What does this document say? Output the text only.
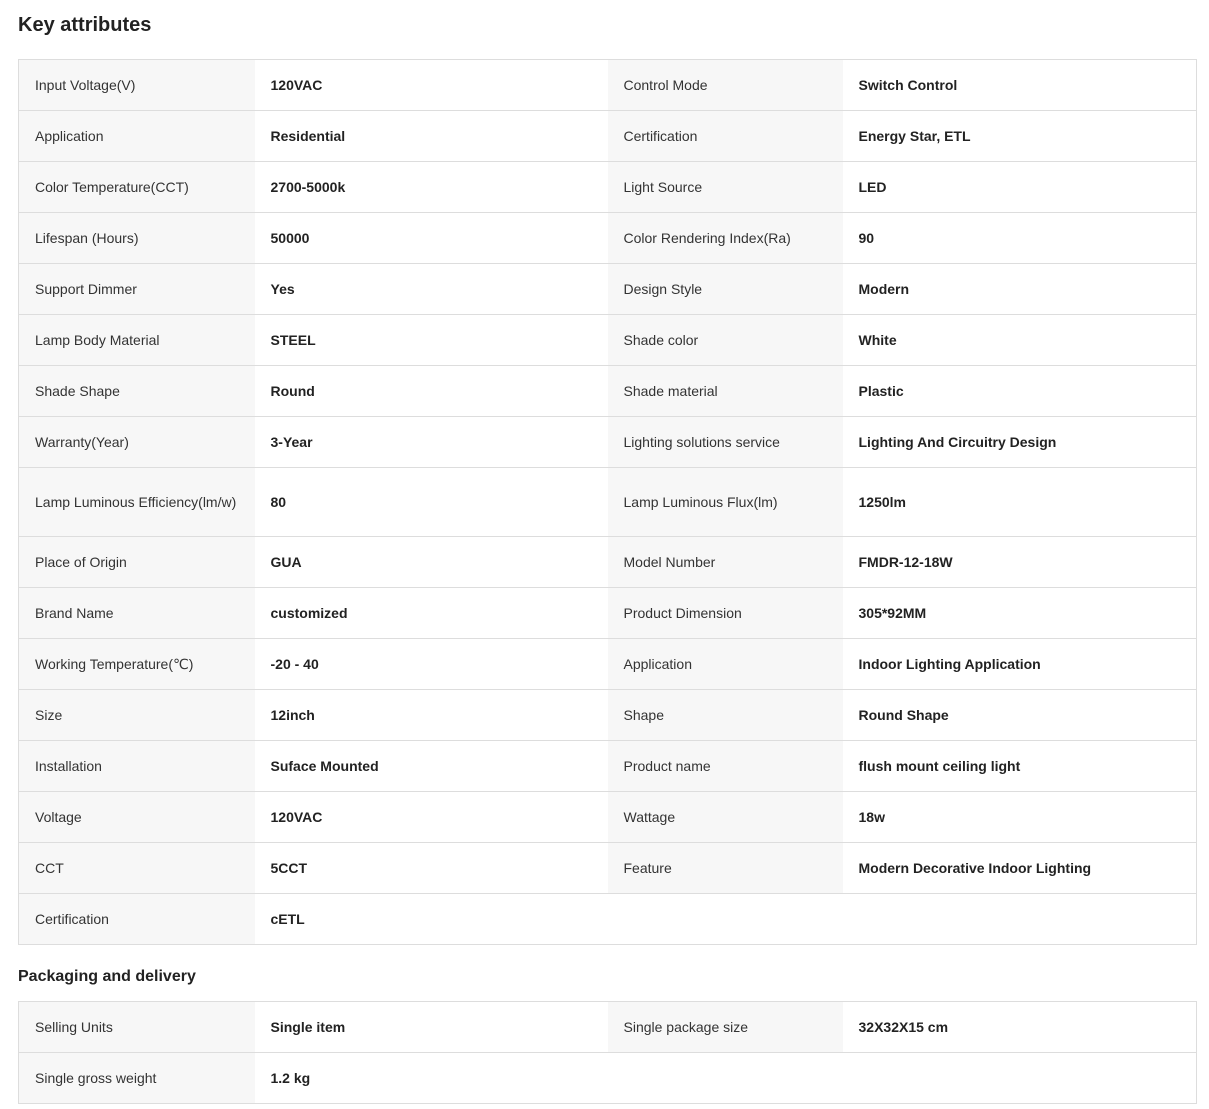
Key attributes
Input Voltage(V)	120VAC	Control Mode	Switch Control
Application	Residential	Certification	Energy Star, ETL
Color Temperature(CCT)	2700-5000k	Light Source	LED
Lifespan (Hours)	50000	Color Rendering Index(Ra)	90
Support Dimmer	Yes	Design Style	Modern
Lamp Body Material	STEEL	Shade color	White
Shade Shape	Round	Shade material	Plastic
Warranty(Year)	3-Year	Lighting solutions service	Lighting And Circuitry Design
Lamp Luminous Efficiency(lm/w)	80	Lamp Luminous Flux(lm)	1250lm
Place of Origin	GUA	Model Number	FMDR-12-18W
Brand Name	customized	Product Dimension	305*92MM
Working Temperature(℃)	-20 - 40	Application	Indoor Lighting Application
Size	12inch	Shape	Round Shape
Installation	Suface Mounted	Product name	flush mount ceiling light
Voltage	120VAC	Wattage	18w
CCT	5CCT	Feature	Modern Decorative Indoor Lighting
Certification	cETL		
Packaging and delivery
Selling Units	Single item	Single package size	32X32X15 cm
Single gross weight	1.2 kg		
